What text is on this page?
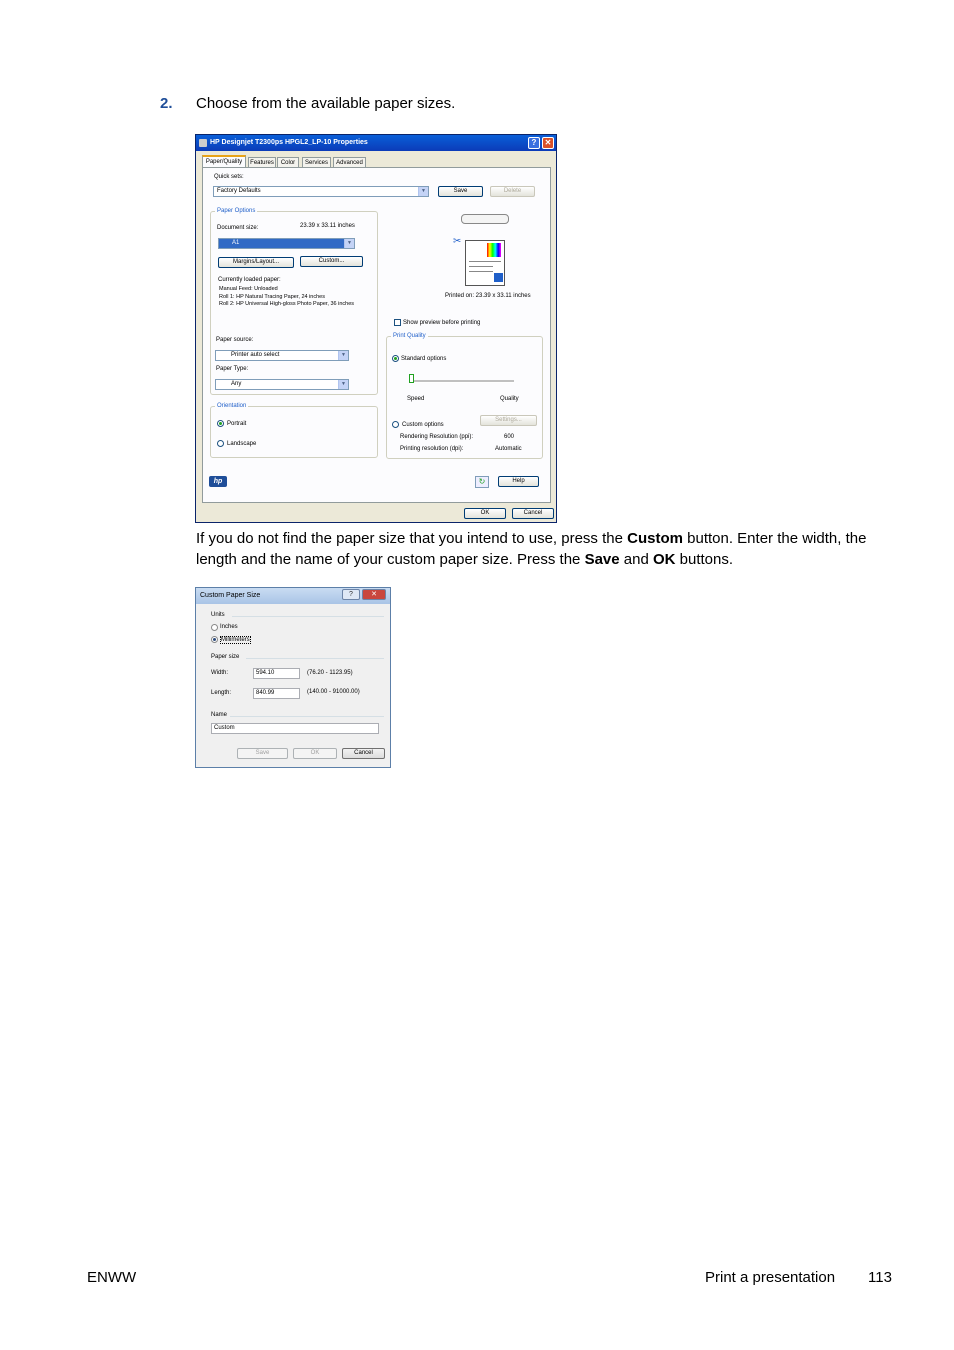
2. Choose from the available paper sizes.
HP Designjet T2300ps HPGL2_LP-10 Properties	?	✕
Paper/Quality	Features	Color	Services	Advanced
Quick sets:
Factory Defaults	▼	Save	Delete
Paper Options
Document size:	23.39 x 33.11 inches
A1	▼
Margins/Layout...	Custom...
Currently loaded paper:
Manual Feed: Unloaded
Roll 1: HP Natural Tracing Paper, 24 inches
Roll 2: HP Universal High-gloss Photo Paper, 36 inches
Paper source:
Printer auto select	▼
Paper Type:
Any	▼
Orientation
Portrait
Landscape
✂
Printed on: 23.39 x 33.11 inches
Show preview before printing
Print Quality
Standard options
Speed	Quality
Custom options
Settings...
Rendering Resolution (ppi):	600
Printing resolution (dpi):	Automatic
hp	↻	Help
OK	Cancel
If you do not find the paper size that you intend to use, press the Custom button. Enter the width, the length and the name of your custom paper size. Press the Save and OK buttons.
Custom Paper Size	?	✕
Units
Inches
Millimeters
Paper size
Width:	594.10	(76.20 - 1123.95)
Length:	840.99	(140.00 - 91000.00)
Name
Custom
Save	OK	Cancel
ENWW	Print a presentation 113
